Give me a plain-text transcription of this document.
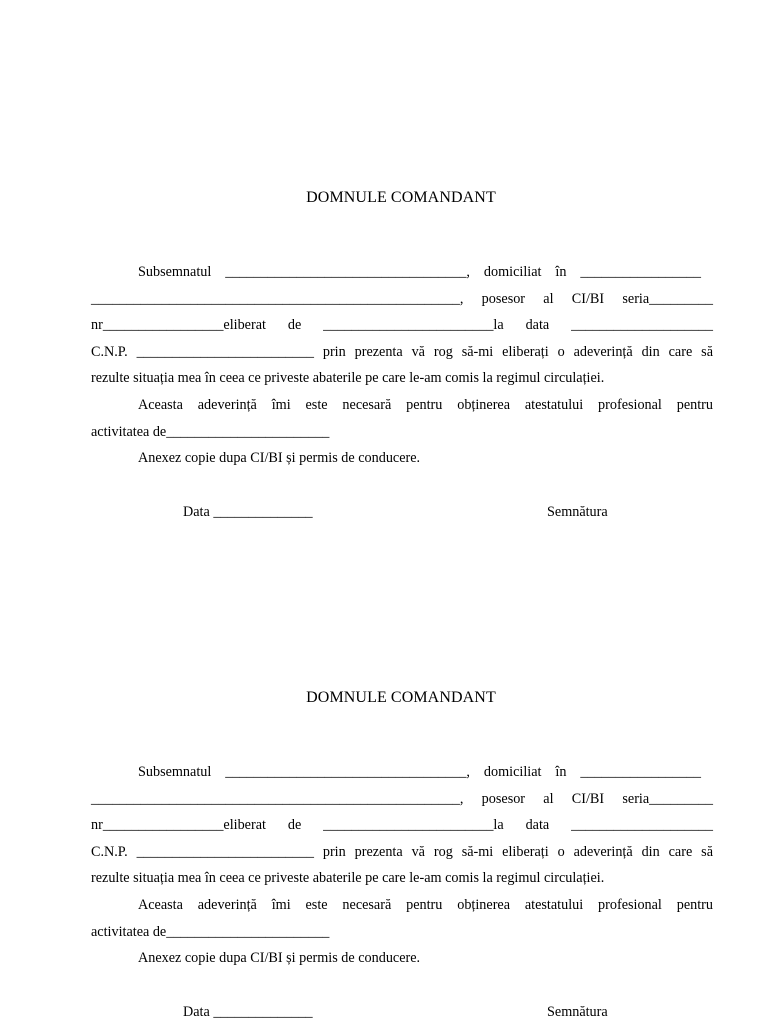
DOMNULE COMANDANT
Subsemnatul __________________________________, domiciliat în _________________
____________________________________________________, posesor al CI/BI seria_________
nr_________________eliberat de ________________________la data ____________________
C.N.P. _________________________ prin prezenta vă rog să-mi eliberați o adeverință din care să
rezulte situația mea în ceea ce priveste abaterile pe care le-am comis la regimul circulației.
Aceasta adeverință îmi este necesară pentru obținerea atestatului profesional pentru
activitatea de_______________________
Anexez copie dupa CI/BI și permis de conducere.
Data ______________	Semnătura
DOMNULE COMANDANT
Subsemnatul __________________________________, domiciliat în _________________
____________________________________________________, posesor al CI/BI seria_________
nr_________________eliberat de ________________________la data ____________________
C.N.P. _________________________ prin prezenta vă rog să-mi eliberați o adeverință din care să
rezulte situația mea în ceea ce priveste abaterile pe care le-am comis la regimul circulației.
Aceasta adeverință îmi este necesară pentru obținerea atestatului profesional pentru
activitatea de_______________________
Anexez copie dupa CI/BI și permis de conducere.
Data ______________	Semnătura
